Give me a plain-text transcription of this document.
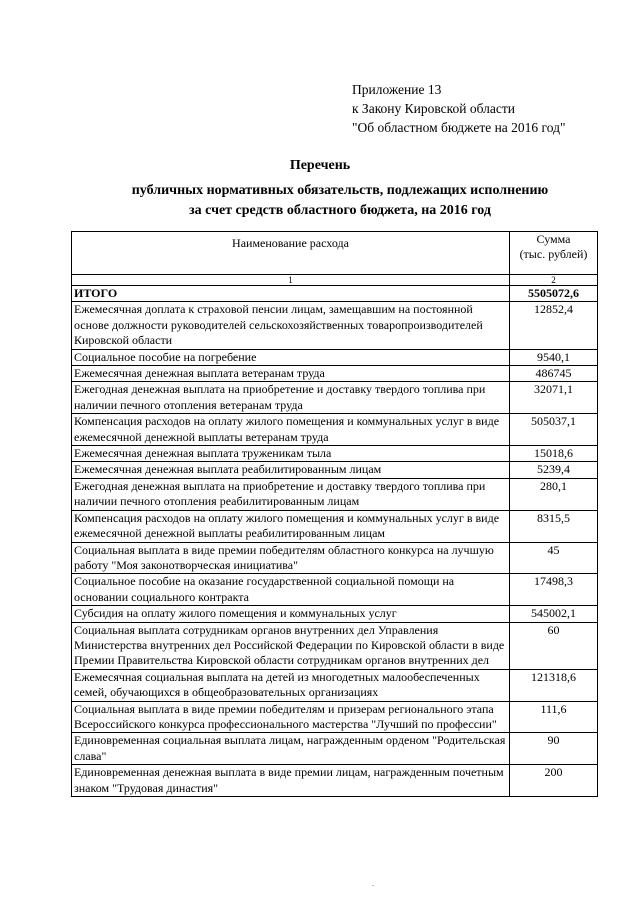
Приложение 13
к Закону Кировской области
"Об областном бюджете на 2016 год"
Перечень
публичных нормативных обязательств, подлежащих исполнению
за счет средств областного бюджета, на 2016 год
Наименование расхода	Сумма
(тыс. рублей)

1	2
ИТОГО	5505072,6
Ежемесячная доплата к страховой пенсии лицам, замещавшим на постоянной основе должности руководителей сельскохозяйственных товаропроизводителей Кировской области	12852,4
Социальное пособие на погребение	9540,1
Ежемесячная денежная выплата ветеранам труда	486745
Ежегодная денежная выплата на приобретение и доставку твердого топлива при наличии печного отопления ветеранам труда	32071,1
Компенсация расходов на оплату жилого помещения и коммунальных услуг в виде ежемесячной денежной выплаты ветеранам труда	505037,1
Ежемесячная денежная выплата труженикам тыла	15018,6
Ежемесячная денежная выплата реабилитированным лицам	5239,4
Ежегодная денежная выплата на приобретение и доставку твердого топлива при наличии печного отопления реабилитированным лицам	280,1
Компенсация расходов на оплату жилого помещения и коммунальных услуг в виде ежемесячной денежной выплаты реабилитированным лицам	8315,5
Социальная выплата в виде премии победителям областного конкурса на лучшую работу "Моя законотворческая инициатива"	45
Социальное пособие на оказание государственной социальной помощи на основании социального контракта	17498,3
Субсидия на оплату жилого помещения и коммунальных услуг	545002,1
Социальная выплата сотрудникам органов внутренних дел Управления Министерства внутренних дел Российской Федерации по Кировской области в виде Премии Правительства Кировской области сотрудникам органов внутренних дел	60
Ежемесячная социальная выплата на детей из многодетных малообеспеченных семей, обучающихся в общеобразовательных организациях	121318,6
Социальная выплата в виде премии победителям и призерам регионального этапа Всероссийского конкурса профессионального мастерства "Лучший по профессии"	111,6
Единовременная социальная выплата лицам, награжденным орденом "Родительская слава"	90
Единовременная денежная выплата в виде премии лицам, награжденным почетным знаком "Трудовая династия"	200
